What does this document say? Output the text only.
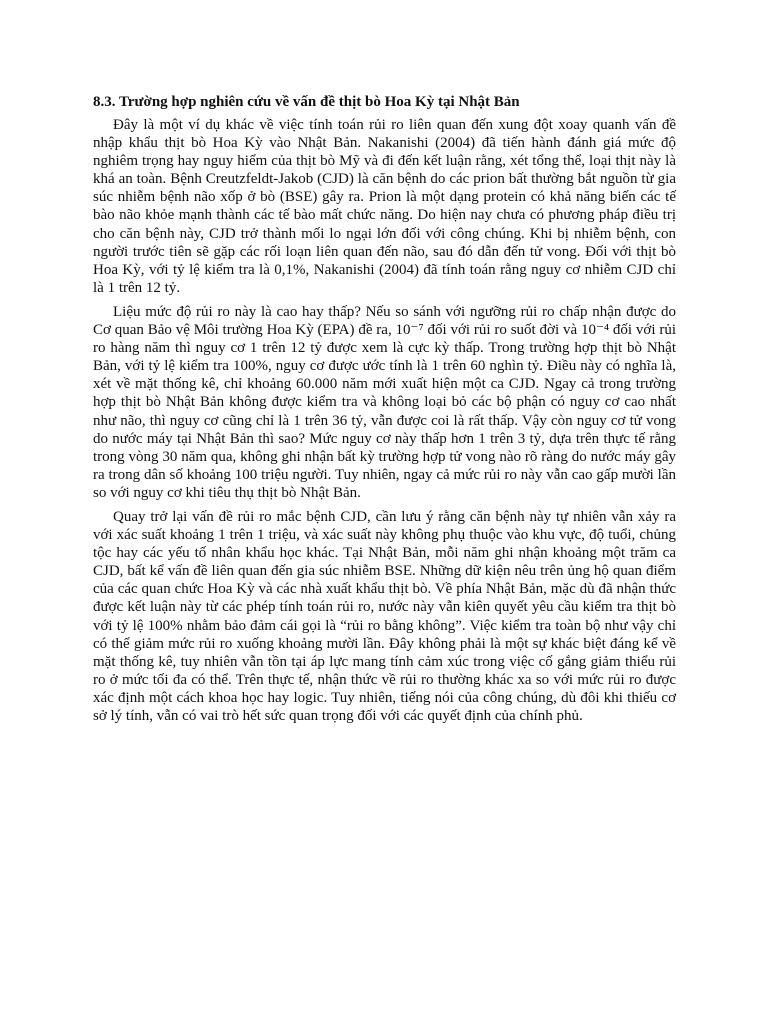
8.3. Trường hợp nghiên cứu về vấn đề thịt bò Hoa Kỳ tại Nhật Bản

Đây là một ví dụ khác về việc tính toán rủi ro liên quan đến xung đột xoay quanh vấn đề nhập khẩu thịt bò Hoa Kỳ vào Nhật Bản. Nakanishi (2004) đã tiến hành đánh giá mức độ nghiêm trọng hay nguy hiểm của thịt bò Mỹ và đi đến kết luận rằng, xét tổng thể, loại thịt này là khá an toàn. Bệnh Creutzfeldt-Jakob (CJD) là căn bệnh do các prion bất thường bắt nguồn từ gia súc nhiễm bệnh não xốp ở bò (BSE) gây ra. Prion là một dạng protein có khả năng biến các tế bào não khỏe mạnh thành các tế bào mất chức năng. Do hiện nay chưa có phương pháp điều trị cho căn bệnh này, CJD trở thành mối lo ngại lớn đối với công chúng. Khi bị nhiễm bệnh, con người trước tiên sẽ gặp các rối loạn liên quan đến não, sau đó dẫn đến tử vong. Đối với thịt bò Hoa Kỳ, với tỷ lệ kiểm tra là 0,1%, Nakanishi (2004) đã tính toán rằng nguy cơ nhiễm CJD chỉ là 1 trên 12 tỷ.

Liệu mức độ rủi ro này là cao hay thấp? Nếu so sánh với ngưỡng rủi ro chấp nhận được do Cơ quan Bảo vệ Môi trường Hoa Kỳ (EPA) đề ra, 10⁻⁷ đối với rủi ro suốt đời và 10⁻⁴ đối với rủi ro hàng năm thì nguy cơ 1 trên 12 tỷ được xem là cực kỳ thấp. Trong trường hợp thịt bò Nhật Bản, với tỷ lệ kiểm tra 100%, nguy cơ được ước tính là 1 trên 60 nghìn tỷ. Điều này có nghĩa là, xét về mặt thống kê, chỉ khoảng 60.000 năm mới xuất hiện một ca CJD. Ngay cả trong trường hợp thịt bò Nhật Bản không được kiểm tra và không loại bỏ các bộ phận có nguy cơ cao nhất như não, thì nguy cơ cũng chỉ là 1 trên 36 tỷ, vẫn được coi là rất thấp. Vậy còn nguy cơ tử vong do nước máy tại Nhật Bản thì sao? Mức nguy cơ này thấp hơn 1 trên 3 tỷ, dựa trên thực tế rằng trong vòng 30 năm qua, không ghi nhận bất kỳ trường hợp tử vong nào rõ ràng do nước máy gây ra trong dân số khoảng 100 triệu người. Tuy nhiên, ngay cả mức rủi ro này vẫn cao gấp mười lần so với nguy cơ khi tiêu thụ thịt bò Nhật Bản.

Quay trở lại vấn đề rủi ro mắc bệnh CJD, cần lưu ý rằng căn bệnh này tự nhiên vẫn xảy ra với xác suất khoảng 1 trên 1 triệu, và xác suất này không phụ thuộc vào khu vực, độ tuổi, chủng tộc hay các yếu tố nhân khẩu học khác. Tại Nhật Bản, mỗi năm ghi nhận khoảng một trăm ca CJD, bất kể vấn đề liên quan đến gia súc nhiễm BSE. Những dữ kiện nêu trên ủng hộ quan điểm của các quan chức Hoa Kỳ và các nhà xuất khẩu thịt bò. Về phía Nhật Bản, mặc dù đã nhận thức được kết luận này từ các phép tính toán rủi ro, nước này vẫn kiên quyết yêu cầu kiểm tra thịt bò với tỷ lệ 100% nhằm bảo đảm cái gọi là “rủi ro bằng không”. Việc kiểm tra toàn bộ như vậy chỉ có thể giảm mức rủi ro xuống khoảng mười lần. Đây không phải là một sự khác biệt đáng kể về mặt thống kê, tuy nhiên vẫn tồn tại áp lực mang tính cảm xúc trong việc cố gắng giảm thiểu rủi ro ở mức tối đa có thể. Trên thực tế, nhận thức về rủi ro thường khác xa so với mức rủi ro được xác định một cách khoa học hay logic. Tuy nhiên, tiếng nói của công chúng, dù đôi khi thiếu cơ sở lý tính, vẫn có vai trò hết sức quan trọng đối với các quyết định của chính phủ.
